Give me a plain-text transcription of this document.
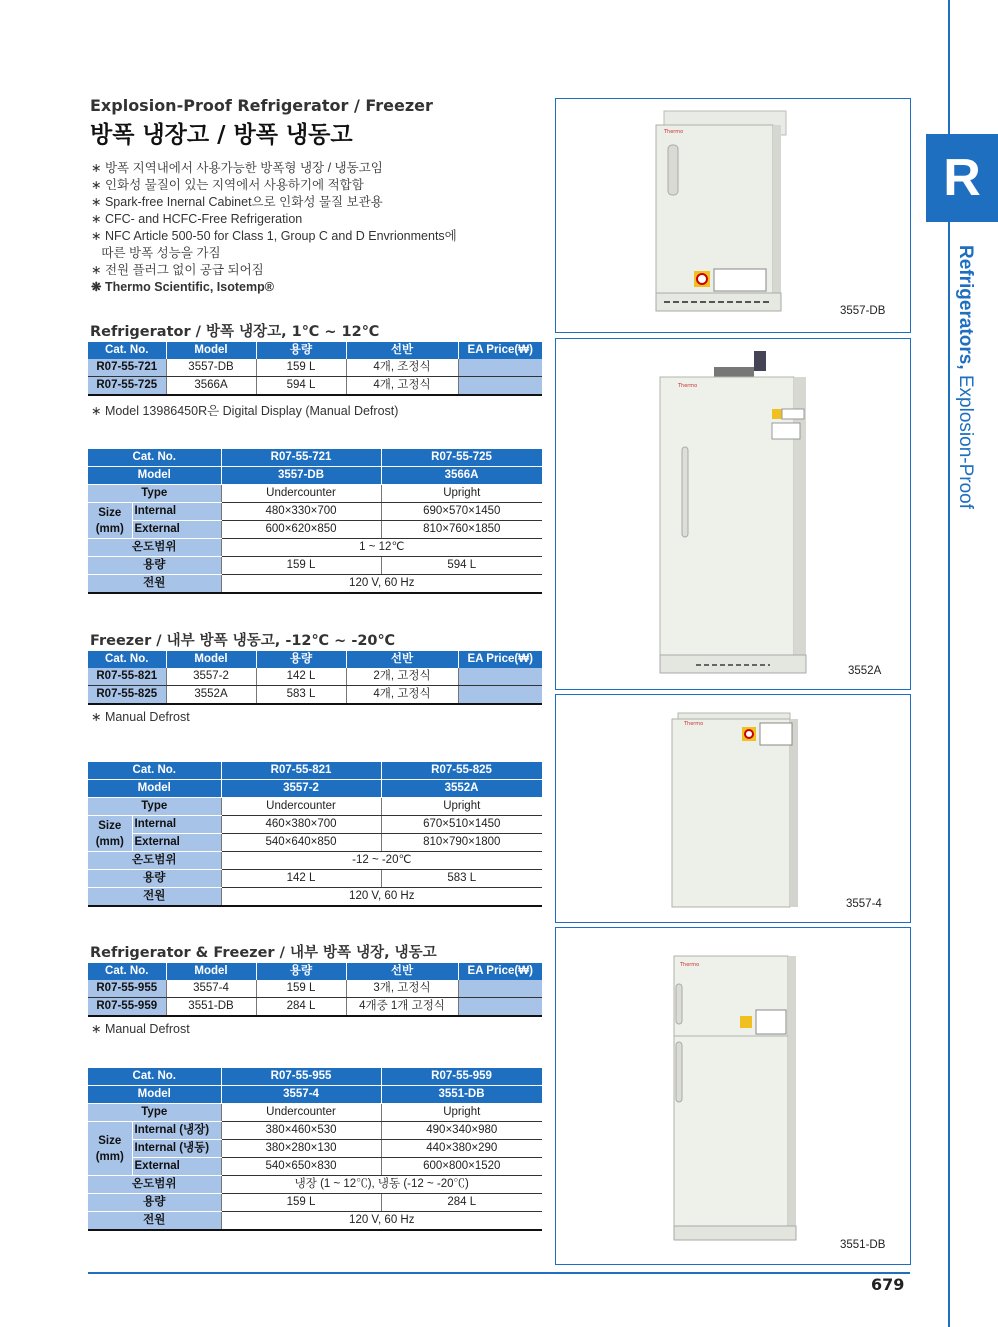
R
Refrigerators, Explosion-Proof
Explosion-Proof Refrigerator / Freezer
방폭 냉장고 / 방폭 냉동고
∗ 방폭 지역내에서 사용가능한 방폭형 냉장 / 냉동고임
∗ 인화성 물질이 있는 지역에서 사용하기에 적합함
∗ Spark-free Inernal Cabinet으로 인화성 물질 보관용
∗ CFC- and HCFC-Free Refrigeration
∗ NFC Article 500-50 for Class 1, Group C and D Envrionments에
따른 방폭 성능을 가짐
∗ 전원 플러그 없이 공급 되어짐
❋ Thermo Scientific, Isotemp®
Refrigerator / 방폭 냉장고, 1℃ ~ 12℃
Cat. No.	Model	용량	선반	EA Price(₩)
R07-55-721	3557-DB	159 L	4개, 조정식	
R07-55-725	3566A	594 L	4개, 고정식	
∗ Model 13986450R은 Digital Display (Manual Defrost)
Cat. No.		R07-55-721	R07-55-725
Model		3557-DB	3566A
Type		Undercounter	Upright
Size (mm)	Internal	480×330×700	690×570×1450
	External	600×620×850	810×760×1850
온도범위		1 ~ 12℃	
용량		159 L	594 L
전원		120 V, 60 Hz	
Freezer / 내부 방폭 냉동고, -12℃ ~ -20℃
Cat. No.	Model	용량	선반	EA Price(₩)
R07-55-821	3557-2	142 L	2개, 고정식	
R07-55-825	3552A	583 L	4개, 고정식	
∗ Manual Defrost
Cat. No.		R07-55-821	R07-55-825
Model		3557-2	3552A
Type		Undercounter	Upright
Size (mm)	Internal	460×380×700	670×510×1450
	External	540×640×850	810×790×1800
온도범위		-12 ~ -20℃	
용량		142 L	583 L
전원		120 V, 60 Hz	
Refrigerator & Freezer / 내부 방폭 냉장, 냉동고
Cat. No.	Model	용량	선반	EA Price(₩)
R07-55-955	3557-4	159 L	3개, 고정식	
R07-55-959	3551-DB	284 L	4개중 1개 고정식	
∗ Manual Defrost
Cat. No.		R07-55-955	R07-55-959
Model		3557-4	3551-DB
Type		Undercounter	Upright
Size (mm)	Internal (냉장)	380×460×530	490×340×980
	Internal (냉동)	380×280×130	440×380×290
	External	540×650×830	600×800×1520
온도범위		냉장 (1 ~ 12℃), 냉동 (-12 ~ -20℃)	
용량		159 L	284 L
전원		120 V, 60 Hz	
Thermo
3557-DB
Thermo
3552A
Thermo
3557-4
Thermo
3551-DB
679
